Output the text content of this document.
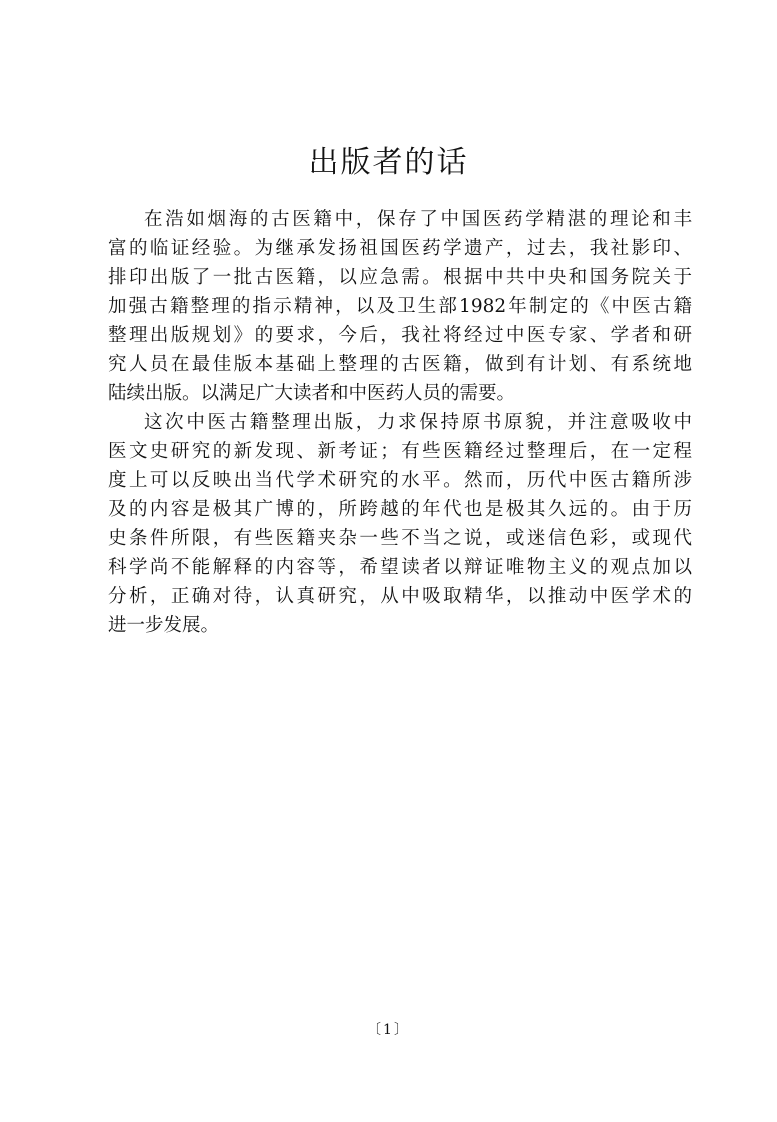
出版者的话
在浩如烟海的古医籍中，保存了中国医药学精湛的理论和丰
富的临证经验。为继承发扬祖国医药学遗产，过去，我社影印、
排印出版了一批古医籍，以应急需。根据中共中央和国务院关于
加强古籍整理的指示精神，以及卫生部1982年制定的《中医古籍
整理出版规划》的要求，今后，我社将经过中医专家、学者和研
究人员在最佳版本基础上整理的古医籍，做到有计划、有系统地
陆续出版。以满足广大读者和中医药人员的需要。
这次中医古籍整理出版，力求保持原书原貌，并注意吸收中
医文史研究的新发现、新考证；有些医籍经过整理后，在一定程
度上可以反映出当代学术研究的水平。然而，历代中医古籍所涉
及的内容是极其广博的，所跨越的年代也是极其久远的。由于历
史条件所限，有些医籍夹杂一些不当之说，或迷信色彩，或现代
科学尚不能解释的内容等，希望读者以辩证唯物主义的观点加以
分析，正确对待，认真研究，从中吸取精华，以推动中医学术的
进一步发展。
〔1〕
